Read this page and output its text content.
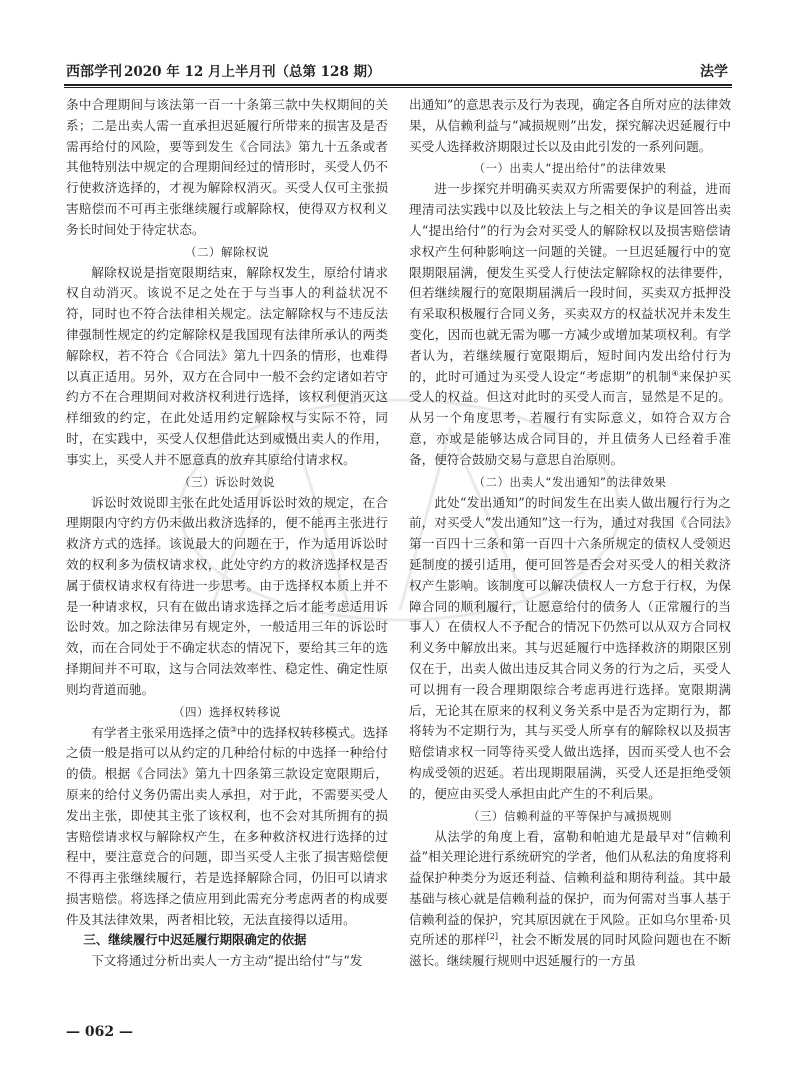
西部学刊 2020 年 12 月上半月刊（总第 128 期）	法学

条中合理期间与该法第一百一十条第三款中失权期间的关系；二是出卖人需一直承担迟延履行所带来的损害及是否需再给付的风险，要等到发生《合同法》第九十五条或者其他特别法中规定的合理期间经过的情形时，买受人仍不行使救济选择的，才视为解除权消灭。买受人仅可主张损害赔偿而不可再主张继续履行或解除权，使得双方权利义务长时间处于待定状态。

（二）解除权说

解除权说是指宽限期结束，解除权发生，原给付请求权自动消灭。该说不足之处在于与当事人的利益状况不符，同时也不符合法律相关规定。法定解除权与不违反法律强制性规定的约定解除权是我国现有法律所承认的两类解除权，若不符合《合同法》第九十四条的情形，也难得以真正适用。另外，双方在合同中一般不会约定诸如若守约方不在合理期间对救济权利进行选择，该权利便消灭这样细致的约定，在此处适用约定解除权与实际不符，同时，在实践中，买受人仅想借此达到威慑出卖人的作用，事实上，买受人并不愿意真的放弃其原给付请求权。

（三）诉讼时效说

诉讼时效说即主张在此处适用诉讼时效的规定，在合理期限内守约方仍未做出救济选择的，便不能再主张进行救济方式的选择。该说最大的问题在于，作为适用诉讼时效的权利多为债权请求权，此处守约方的救济选择权是否属于债权请求权有待进一步思考。由于选择权本质上并不是一种请求权，只有在做出请求选择之后才能考虑适用诉讼时效。加之除法律另有规定外，一般适用三年的诉讼时效，而在合同处于不确定状态的情况下，要给其三年的选择期间并不可取，这与合同法效率性、稳定性、确定性原则均背道而驰。

（四）选择权转移说

有学者主张采用选择之债③中的选择权转移模式。选择之债一般是指可以从约定的几种给付标的中选择一种给付的债。根据《合同法》第九十四条第三款设定宽限期后，原来的给付义务仍需出卖人承担，对于此，不需要买受人发出主张，即使其主张了该权利，也不会对其所拥有的损害赔偿请求权与解除权产生，在多种救济权进行选择的过程中，要注意竞合的问题，即当买受人主张了损害赔偿便不得再主张继续履行，若是选择解除合同，仍旧可以请求损害赔偿。将选择之债应用到此需充分考虑两者的构成要件及其法律效果，两者相比较，无法直接得以适用。

三、继续履行中迟延履行期限确定的依据

下文将通过分析出卖人一方主动“提出给付”与“发

出通知”的意思表示及行为表现，确定各自所对应的法律效果，从信赖利益与“减损规则”出发，探究解决迟延履行中买受人选择救济期限过长以及由此引发的一系列问题。

（一）出卖人“提出给付”的法律效果

进一步探究并明确买卖双方所需要保护的利益，进而理清司法实践中以及比较法上与之相关的争议是回答出卖人“提出给付”的行为会对买受人的解除权以及损害赔偿请求权产生何种影响这一问题的关键。一旦迟延履行中的宽限期限届满，便发生买受人行使法定解除权的法律要件，但若继续履行的宽限期届满后一段时间，买卖双方抵押没有采取积极履行合同义务，买卖双方的权益状况并未发生变化，因而也就无需为哪一方减少或增加某项权利。有学者认为，若继续履行宽限期后，短时间内发出给付行为的，此时可通过为买受人设定“考虑期”的机制④来保护买受人的权益。但这对此时的买受人而言，显然是不足的。从另一个角度思考，若履行有实际意义，如符合双方合意，亦或是能够达成合同目的，并且债务人已经着手准备，便符合鼓励交易与意思自治原则。

（二）出卖人“发出通知”的法律效果

此处“发出通知”的时间发生在出卖人做出履行行为之前，对买受人“发出通知”这一行为，通过对我国《合同法》第一百四十三条和第一百四十六条所规定的债权人受领迟延制度的援引适用，便可回答是否会对买受人的相关救济权产生影响。该制度可以解决债权人一方怠于行权，为保障合同的顺利履行，让愿意给付的债务人（正常履行的当事人）在债权人不予配合的情况下仍然可以从双方合同权利义务中解放出来。其与迟延履行中选择救济的期限区别仅在于，出卖人做出违反其合同义务的行为之后，买受人可以拥有一段合理期限综合考虑再进行选择。宽限期满后，无论其在原来的权利义务关系中是否为定期行为，都将转为不定期行为，其与买受人所享有的解除权以及损害赔偿请求权一同等待买受人做出选择，因而买受人也不会构成受领的迟延。若出现期限届满，买受人还是拒绝受领的，便应由买受人承担由此产生的不利后果。

（三）信赖利益的平等保护与减损规则

从法学的角度上看，富勒和帕迪尤是最早对“信赖利益”相关理论进行系统研究的学者，他们从私法的角度将利益保护种类分为返还利益、信赖利益和期待利益。其中最基础与核心就是信赖利益的保护，而为何需对当事人基于信赖利益的保护，究其原因就在于风险。正如乌尔里希·贝克所述的那样[2]，社会不断发展的同时风险问题也在不断滋长。继续履行规则中迟延履行的一方虽

— 062 —
